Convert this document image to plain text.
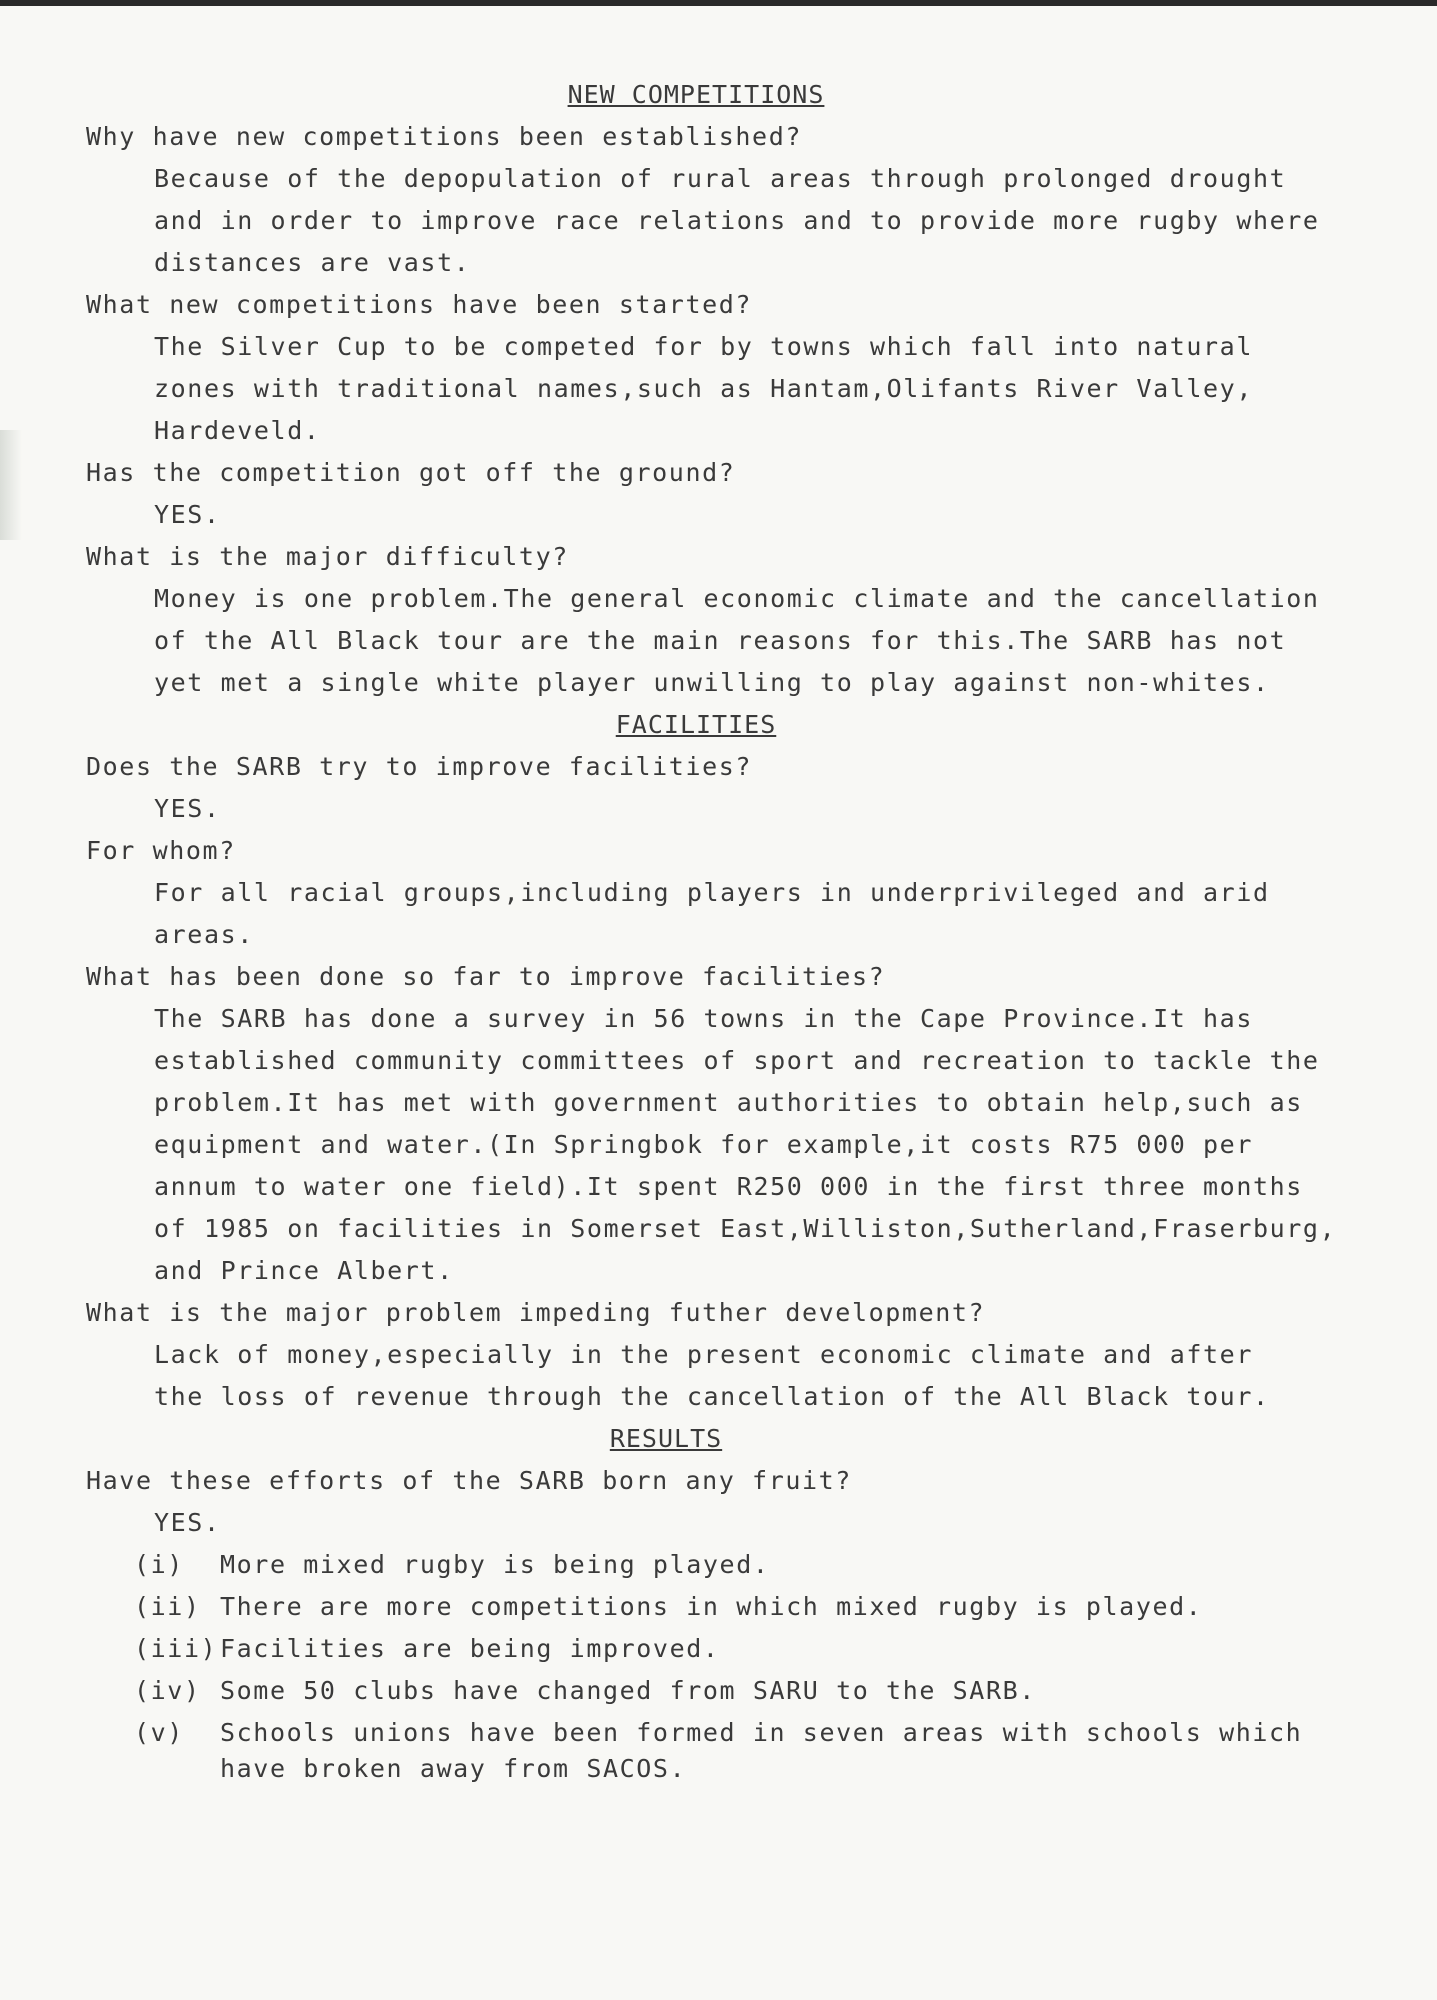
NEW COMPETITIONS
Why have new competitions been established?
Because of the depopulation of rural areas through prolonged drought
and in order to improve race relations and to provide more rugby where
distances are vast.
What new competitions have been started?
The Silver Cup to be competed for by towns which fall into natural
zones with traditional names,such as Hantam,Olifants River Valley,
Hardeveld.
Has the competition got off the ground?
YES.
What is the major difficulty?
Money is one problem.The general economic climate and the cancellation
of the All Black tour are the main reasons for this.The SARB has not
yet met a single white player unwilling to play against non-whites.
FACILITIES
Does the SARB try to improve facilities?
YES.
For whom?
For all racial groups,including players in underprivileged and arid
areas.
What has been done so far to improve facilities?
The SARB has done a survey in 56 towns in the Cape Province.It has
established community committees of sport and recreation to tackle the
problem.It has met with government authorities to obtain help,such as
equipment and water.(In Springbok for example,it costs R75 000 per
annum to water one field).It spent R250 000 in the first three months
of 1985 on facilities in Somerset East,Williston,Sutherland,Fraserburg,
and Prince Albert.
What is the major problem impeding futher development?
Lack of money,especially in the present economic climate and after
the loss of revenue through the cancellation of the All Black tour.
RESULTS
Have these efforts of the SARB born any fruit?
YES.
(i)	More mixed rugby is being played.
(ii) There are more competitions in which mixed rugby is played.
(iii) Facilities are being improved.
(iv) Some 50 clubs have changed from SARU to the SARB.
(v)	Schools unions have been formed in seven areas with schools which
have broken away from SACOS.
